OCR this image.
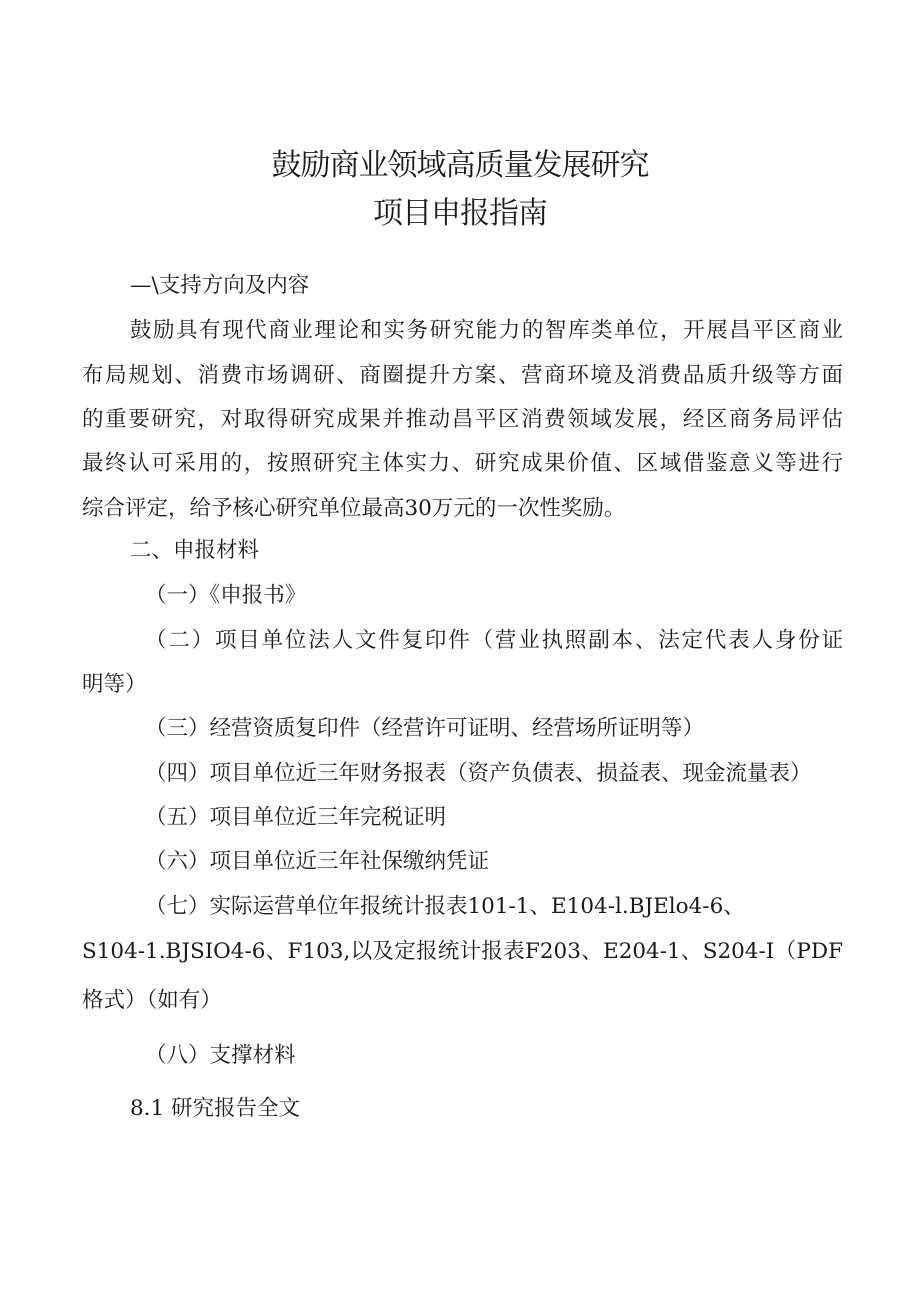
鼓励商业领域高质量发展研究
项目申报指南
—\支持方向及内容
鼓励具有现代商业理论和实务研究能力的智库类单位，开展昌平区商业
布局规划、消费市场调研、商圈提升方案、营商环境及消费品质升级等方面
的重要研究，对取得研究成果并推动昌平区消费领域发展，经区商务局评估
最终认可采用的，按照研究主体实力、研究成果价值、区域借鉴意义等进行
综合评定，给予核心研究单位最高30万元的一次性奖励。
二、申报材料
（一）《申报书》
（二）项目单位法人文件复印件（营业执照副本、法定代表人身份证
明等）
（三）经营资质复印件（经营许可证明、经营场所证明等）
（四）项目单位近三年财务报表（资产负债表、损益表、现金流量表）
（五）项目单位近三年完税证明
（六）项目单位近三年社保缴纳凭证
（七）实际运营单位年报统计报表101-1、E104-l.BJElo4-6、
S104-1.BJSIO4-6、F103,以及定报统计报表F203、E204-1、S204-I（PDF
格式）（如有）
（八）支撑材料
8.1 研究报告全文
